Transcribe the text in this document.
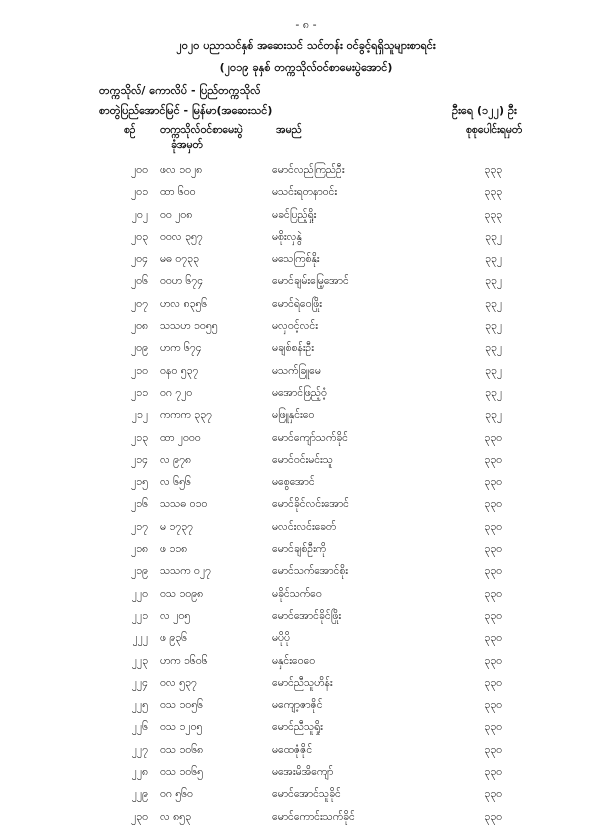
- ၈ -
၂၀၂၀ ပညာသင်နှစ် အဆေးသင် သင်တန်း ဝင်ခွင့်ရရှိသူများစာရင်း
(၂၀၁၉ ခုနှစ် တက္ကသိုလ်ဝင်စာမေးပွဲအောင်)
တက္ကသိုလ်/ ကောလိပ် - ပြည်တက္ကသိုလ်
စာတွဲပြည်အောင်မြင် - မြန်မာ(အဆေးသင်)	ဦးရေ (၁၂၂) ဦး
စဉ် တက္ကသိုလ်ဝင်စာမေးပွဲ
ခုံအမှတ်
အမည်	စုစုပေါင်းရမှတ်
၂၀၀ ဖလ ၁၀၂၈	မောင်လည်ကြည်ဦး	၃၃၃
၂၀၁ ထာ ၆၀၀	မသင်းရတနာဝင်း	၃၃၃
၂၀၂ ဝဝ ၂၀၈	မခင်ပြည့်ရှိုး	၃၃၃
၂၀၃ ဝဝလ ၃၅၇	မစိုးလှနွဲ	၃၃၂
၂၀၄ မဓ ၀၇၃၃	မသေကြစ်နိုး	၃၃၂
၂၀၆ ဝဝဟ ၆၇၄	မောင်ချမ်းမြေ့အောင်	၃၃၂
၂၀၇ ဟလ ၈၃၅၆	မောင်ရဲဝေဖြိုး	၃၃၂
၂၀၈ သသဟ ၁၀၅၅	မလှဝင့်လင်း	၃၃၂
၂၀၉ ဟက ၆၇၄	မချစ်စန်းဦး	၃၃၂
၂၁၀ ဝနဝ ၅၃၇	မသက်ခြူမေ	၃၃၂
၂၁၁ ဝဂ ၇၂၀	မအောင်ဖြည့်ဝံ့	၃၃၂
၂၁၂ ကကက ၃၃၇	မဖြူနှင်းဝေ	၃၃၂
၂၁၃ ထာ ၂၀၀၀	မောင်ကျော်သက်ခိုင်	၃၃၀
၂၁၄ လ ၉၇၈	မောင်ဝင်းမင်းသူ	၃၃၀
၂၁၅ လ ၆၅၆	မစွေအောင်	၃၃၀
၂၁၆ သသဓ ၀၁၀	မောင်ခိုင်လင်းအောင်	၃၃၀
၂၁၇ မ ၁၇၃၇	မလင်းလင်းခေတ်	၃၃၀
၂၁၈ ဖ ၁၁၈	မောင်ချစ်ဦးကို	၃၃၀
၂၁၉ သသက ၀၂၇	မောင်သက်အောင်စိုး	၃၃၀
၂၂၀ ဝသ ၁၀၉၈	မခိုင်သက်ဝေ	၃၃၀
၂၂၁ လ ၂၀၅	မောင်အောင်ခိုင်ဖြိုး	၃၃၀
၂၂၂ ဖ ၉၃၆	မပိုပို	၃၃၀
၂၂၃ ဟက ၁၆၀၆	မနှင်းဝေဝေ	၃၃၀
၂၂၄ ဝလ ၅၃၇	မောင်ညီသူဟိန်း	၃၃၀
၂၂၅ ဝသ ၁၀၅၆	မကျော့ဇာဇိုင်	၃၃၀
၂၂၆ ဝသ ၁၂၀၅	မောင်ညီသူရှိုး	၃၃၀
၂၂၇ ဝသ ၁၀၆၈	မထေဇုံဇိုင်	၃၃၀
၂၂၈ ဝသ ၁၀၆၅	မအေးမိအိကျော်	၃၃၀
၂၂၉ ဝဂ ၅၆၀	မောင်အောင်သူခိုင်	၃၃၀
၂၃၀ လ ၈၅၃	မောင်ကောင်းသက်ခိုင်	၃၃၀
